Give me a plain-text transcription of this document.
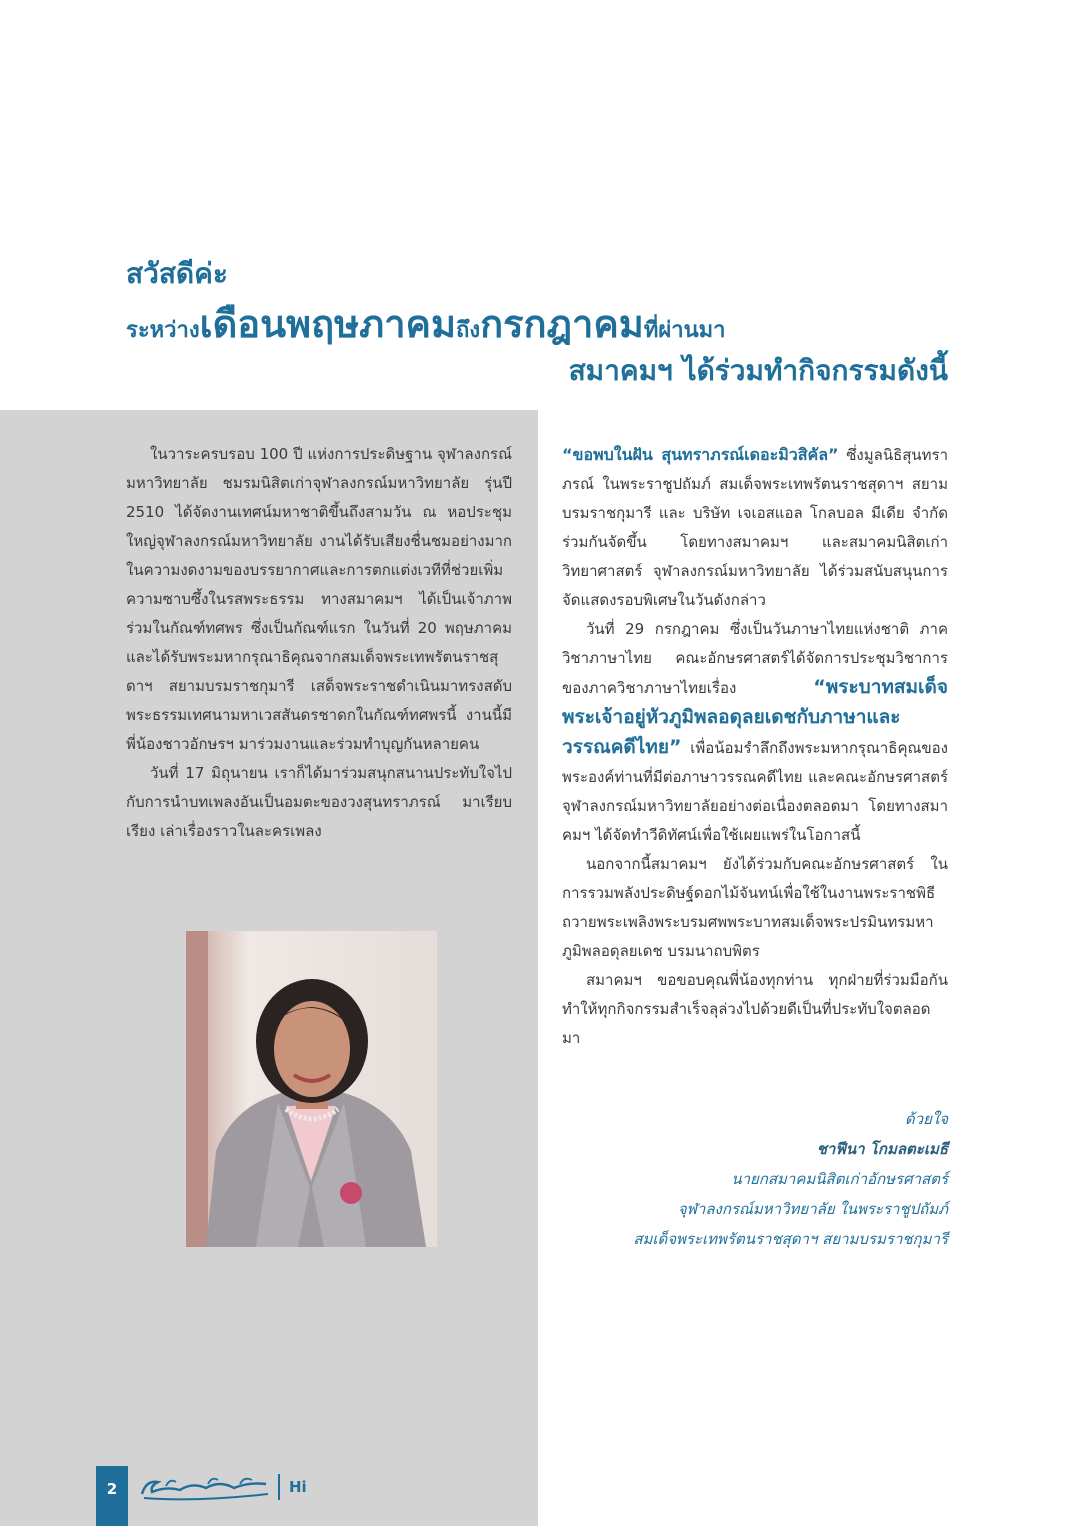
สวัสดีค่ะ
ระหว่างเดือนพฤษภาคมถึงกรกฎาคมที่ผ่านมา
สมาคมฯ ได้ร่วมทำกิจกรรมดังนี้

ในวาระครบรอบ 100 ปี แห่งการประดิษฐาน จุฬาลงกรณ์มหาวิทยาลัย ชมรมนิสิตเก่าจุฬาลงกรณ์มหาวิทยาลัย รุ่นปี 2510 ได้จัดงานเทศน์มหาชาติขึ้นถึงสามวัน ณ หอประชุมใหญ่จุฬาลงกรณ์มหาวิทยาลัย งานได้รับเสียงชื่นชมอย่างมากในความงดงามของบรรยากาศและการตกแต่งเวทีที่ช่วยเพิ่มความซาบซึ้งในรสพระธรรม ทางสมาคมฯ ได้เป็นเจ้าภาพร่วมในกัณฑ์ทศพร ซึ่งเป็นกัณฑ์แรก ในวันที่ 20 พฤษภาคม และได้รับพระมหากรุณาธิคุณจากสมเด็จพระเทพรัตนราชสุดาฯ สยามบรมราชกุมารี เสด็จพระราชดำเนินมาทรงสดับพระธรรมเทศนามหาเวสสันดรชาดกในกัณฑ์ทศพรนี้ งานนี้มีพี่น้องชาวอักษรฯ มาร่วมงานและร่วมทำบุญกันหลายคน

วันที่ 17 มิถุนายน เราก็ได้มาร่วมสนุกสนานประทับใจไปกับการนำบทเพลงอันเป็นอมตะของวงสุนทราภรณ์ มาเรียบเรียง เล่าเรื่องราวในละครเพลง

“ขอพบในฝัน สุนทราภรณ์เดอะมิวสิคัล” ซึ่งมูลนิธิสุนทราภรณ์ ในพระราชูปถัมภ์ สมเด็จพระเทพรัตนราชสุดาฯ สยามบรมราชกุมารี และ บริษัท เจเอสแอล โกลบอล มีเดีย จำกัด ร่วมกันจัดขึ้น โดยทางสมาคมฯ และสมาคมนิสิตเก่าวิทยาศาสตร์ จุฬาลงกรณ์มหาวิทยาลัย ได้ร่วมสนับสนุนการจัดแสดงรอบพิเศษในวันดังกล่าว

วันที่ 29 กรกฎาคม ซึ่งเป็นวันภาษาไทยแห่งชาติ ภาควิชาภาษาไทย คณะอักษรศาสตร์ได้จัดการประชุมวิชาการของภาควิชาภาษาไทยเรื่อง “พระบาทสมเด็จพระเจ้าอยู่หัวภูมิพลอดุลยเดชกับภาษาและวรรณคดีไทย” เพื่อน้อมรำลึกถึงพระมหากรุณาธิคุณของพระองค์ท่านที่มีต่อภาษาวรรณคดีไทย และคณะอักษรศาสตร์ จุฬาลงกรณ์มหาวิทยาลัยอย่างต่อเนื่องตลอดมา โดยทางสมาคมฯ ได้จัดทำวีดิทัศน์เพื่อใช้เผยแพร่ในโอกาสนี้

นอกจากนี้สมาคมฯ ยังได้ร่วมกับคณะอักษรศาสตร์ ในการรวมพลังประดิษฐ์ดอกไม้จันทน์เพื่อใช้ในงานพระราชพิธีถวายพระเพลิงพระบรมศพพระบาทสมเด็จพระปรมินทรมหาภูมิพลอดุลยเดช บรมนาถบพิตร

สมาคมฯ ขอขอบคุณพี่น้องทุกท่าน ทุกฝ่ายที่ร่วมมือกันทำให้ทุกกิจกรรมสำเร็จลุล่วงไปด้วยดีเป็นที่ประทับใจตลอดมา

ด้วยใจ
ชาฟีนา โกมลตะเมธี
นายกสมาคมนิสิตเก่าอักษรศาสตร์
จุฬาลงกรณ์มหาวิทยาลัย ในพระราชูปถัมภ์
สมเด็จพระเทพรัตนราชสุดาฯ สยามบรมราชกุมารี
2	Hi
